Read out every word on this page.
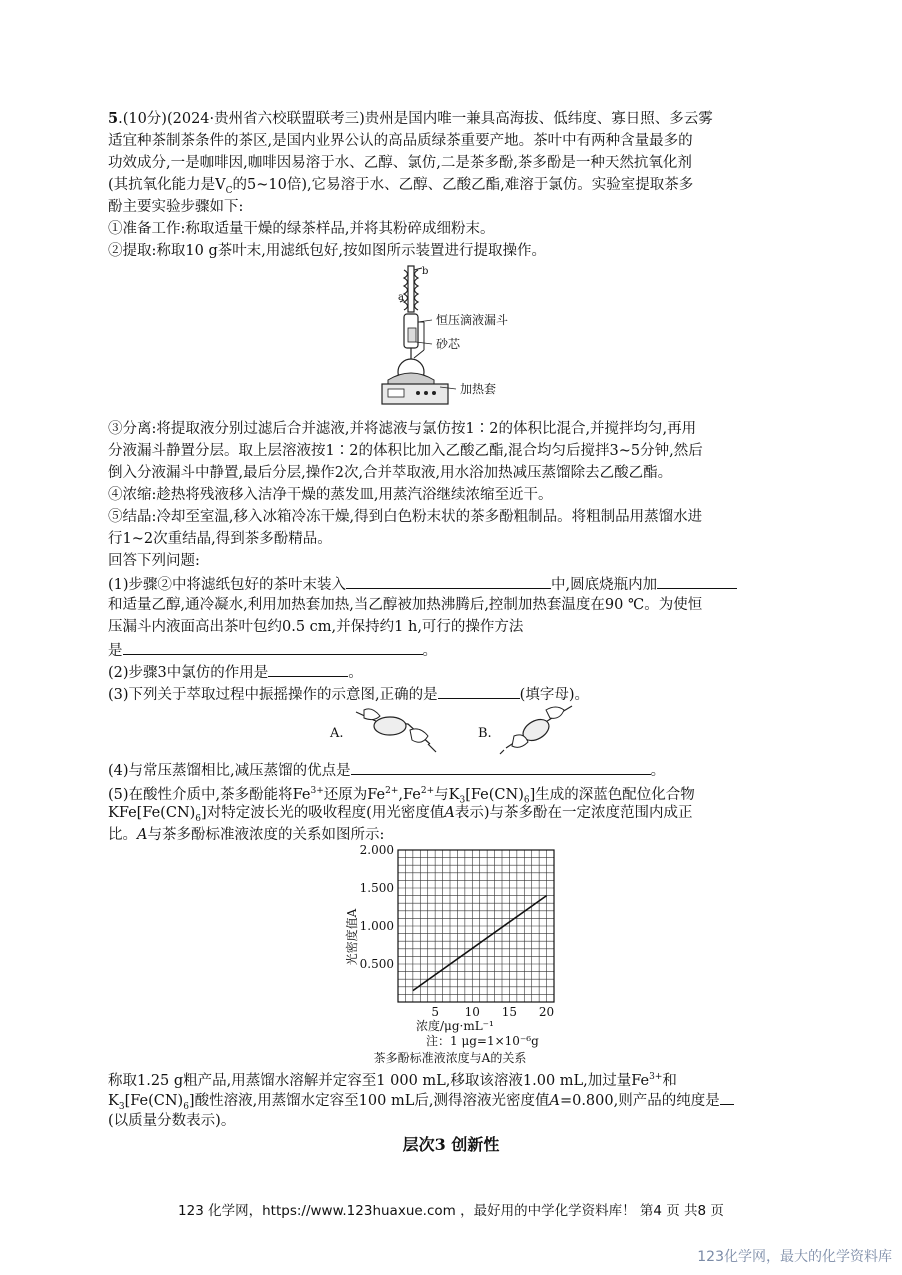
5.(10分)(2024·贵州省六校联盟联考三)贵州是国内唯一兼具高海拔、低纬度、寡日照、多云雾
适宜种茶制茶条件的茶区,是国内业界公认的高品质绿茶重要产地。茶叶中有两种含量最多的
功效成分,一是咖啡因,咖啡因易溶于水、乙醇、氯仿,二是茶多酚,茶多酚是一种天然抗氧化剂
(其抗氧化能力是$V_C$的5~10倍),它易溶于水、乙醇、乙酸乙酯,难溶于氯仿。实验室提取茶多
酚主要实验步骤如下:
①准备工作:称取适量干燥的绿茶样品,并将其粉碎成细粉末。
②提取:称取10 g茶叶末,用滤纸包好,按如图所示装置进行提取操作。
b
a
恒压滴液漏斗
砂芯
加热套
③分离:将提取液分别过滤后合并滤液,并将滤液与氯仿按1∶2的体积比混合,并搅拌均匀,再用
分液漏斗静置分层。取上层溶液按1∶2的体积比加入乙酸乙酯,混合均匀后搅拌3~5分钟,然后
倒入分液漏斗中静置,最后分层,操作2次,合并萃取液,用水浴加热减压蒸馏除去乙酸乙酯。
④浓缩:趁热将残液移入洁净干燥的蒸发皿,用蒸汽浴继续浓缩至近干。
⑤结晶:冷却至室温,移入冰箱冷冻干燥,得到白色粉末状的茶多酚粗制品。将粗制品用蒸馏水进
行1~2次重结晶,得到茶多酚精品。
回答下列问题:
(1)步骤②中将滤纸包好的茶叶末装入	中,圆底烧瓶内加
和适量乙醇,通冷凝水,利用加热套加热,当乙醇被加热沸腾后,控制加热套温度在90 ℃。为使恒
压漏斗内液面高出茶叶包约0.5 cm,并保持约1 h,可行的操作方法
是	。
(2)步骤3中氯仿的作用是	。
(3)下列关于萃取过程中振摇操作的示意图,正确的是	(填字母)。
A.	B.
(4)与常压蒸馏相比,减压蒸馏的优点是	。
(5)在酸性介质中,茶多酚能将$Fe^{3+}$还原为$Fe^{2+},Fe^{2+}$与$K_3[Fe(CN)_6]$生成的深蓝色配位化合物
$KFe[Fe(CN)_6]$对特定波长光的吸收程度(用光密度值A表示)与茶多酚在一定浓度范围内成正
比。A与茶多酚标准液浓度的关系如图所示:
0.500
1.000
1.500
2.000
5 10 15 20
光密度值A
浓度/μg·mL⁻¹
注：1 μg=1×10⁻⁶g
茶多酚标准液浓度与A的关系
称取1.25 g粗产品,用蒸馏水溶解并定容至1 000 mL,移取该溶液1.00 mL,加过量$Fe^{3+}$和
$K_3[Fe(CN)_6]$酸性溶液,用蒸馏水定容至100 mL后,测得溶液光密度值A=0.800,则产品的纯度是
(以质量分数表示)。
层次3 创新性
123 化学网，https://www.123huaxue.com ，最好用的中学化学资料库！ 第4 页 共8 页
123化学网，最大的化学资料库
